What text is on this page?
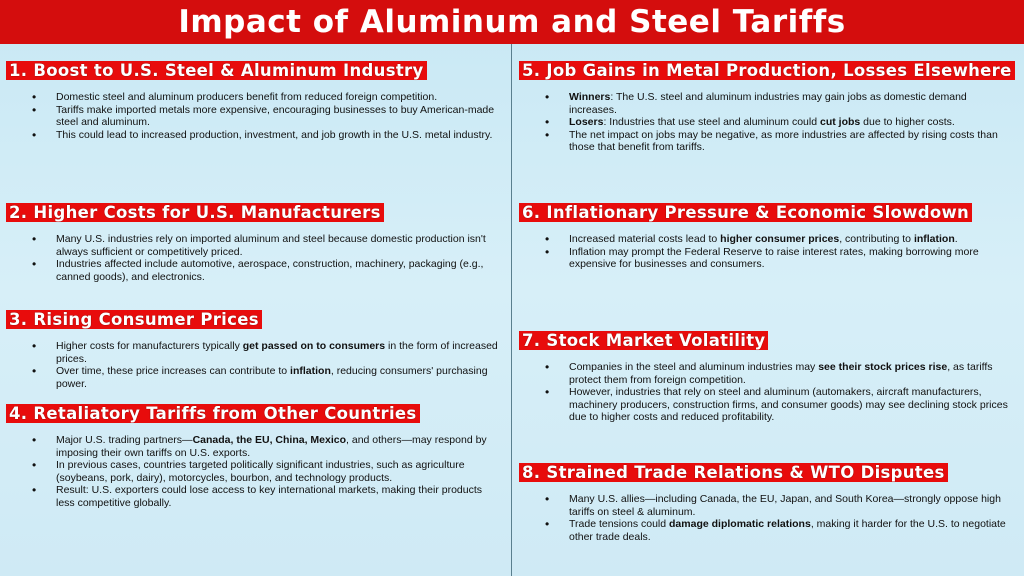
Impact of Aluminum and Steel Tariffs
1. Boost to U.S. Steel & Aluminum Industry
• Domestic steel and aluminum producers benefit from reduced foreign competition.
• Tariffs make imported metals more expensive, encouraging businesses to buy American-made steel and aluminum.
• This could lead to increased production, investment, and job growth in the U.S. metal industry.
2. Higher Costs for U.S. Manufacturers
• Many U.S. industries rely on imported aluminum and steel because domestic production isn't always sufficient or competitively priced.
• Industries affected include automotive, aerospace, construction, machinery, packaging (e.g., canned goods), and electronics.
3. Rising Consumer Prices
• Higher costs for manufacturers typically get passed on to consumers in the form of increased prices.
• Over time, these price increases can contribute to inflation, reducing consumers' purchasing power.
4. Retaliatory Tariffs from Other Countries
• Major U.S. trading partners—Canada, the EU, China, Mexico, and others—may respond by imposing their own tariffs on U.S. exports.
• In previous cases, countries targeted politically significant industries, such as agriculture (soybeans, pork, dairy), motorcycles, bourbon, and technology products.
• Result: U.S. exporters could lose access to key international markets, making their products less competitive globally.
5. Job Gains in Metal Production, Losses Elsewhere
• Winners: The U.S. steel and aluminum industries may gain jobs as domestic demand increases.
• Losers: Industries that use steel and aluminum could cut jobs due to higher costs.
• The net impact on jobs may be negative, as more industries are affected by rising costs than those that benefit from tariffs.
6. Inflationary Pressure & Economic Slowdown
• Increased material costs lead to higher consumer prices, contributing to inflation.
• Inflation may prompt the Federal Reserve to raise interest rates, making borrowing more expensive for businesses and consumers.
7. Stock Market Volatility
• Companies in the steel and aluminum industries may see their stock prices rise, as tariffs protect them from foreign competition.
• However, industries that rely on steel and aluminum (automakers, aircraft manufacturers, machinery producers, construction firms, and consumer goods) may see declining stock prices due to higher costs and reduced profitability.
8. Strained Trade Relations & WTO Disputes
• Many U.S. allies—including Canada, the EU, Japan, and South Korea—strongly oppose high tariffs on steel & aluminum.
• Trade tensions could damage diplomatic relations, making it harder for the U.S. to negotiate other trade deals.
